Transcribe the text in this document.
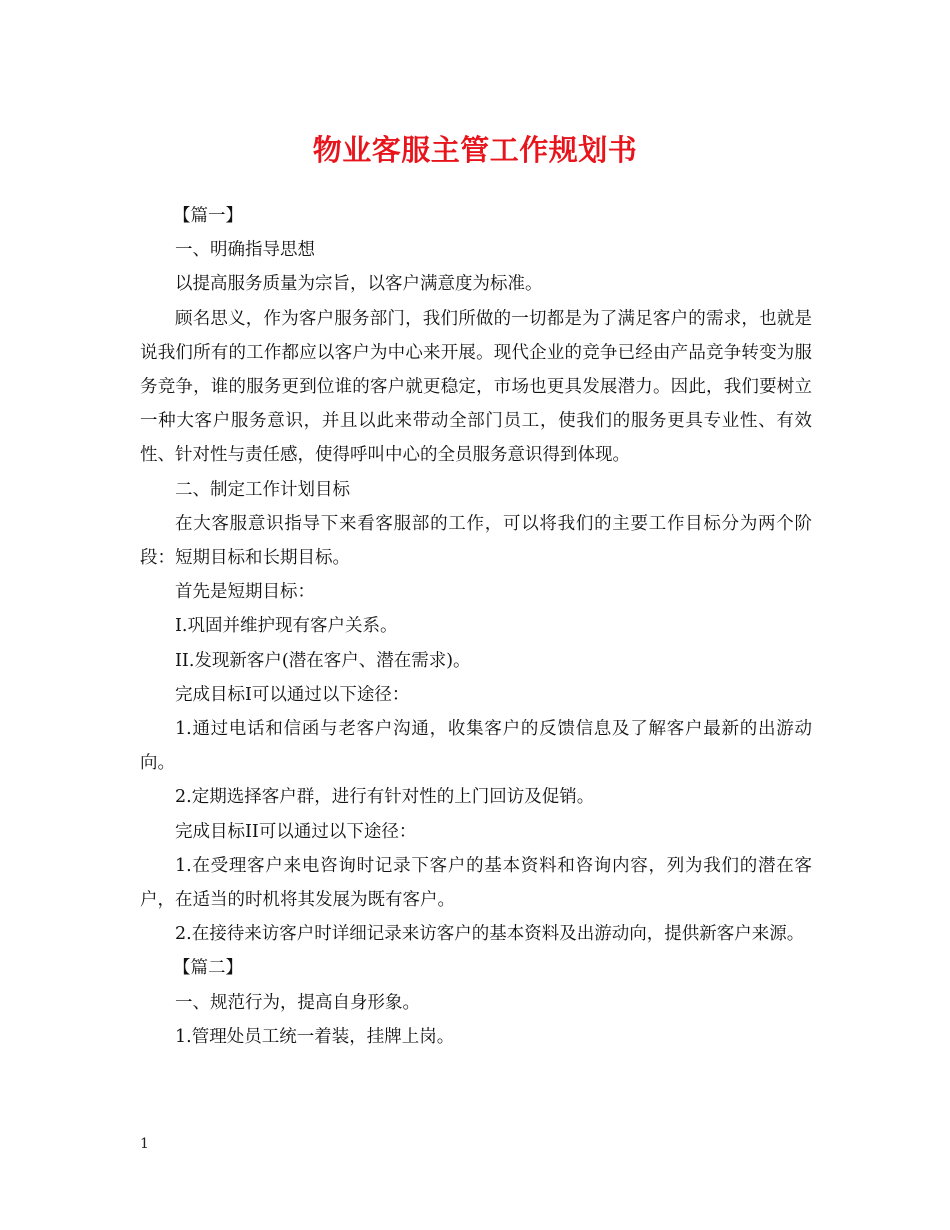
物业客服主管工作规划书

【篇一】

一、明确指导思想

以提高服务质量为宗旨，以客户满意度为标准。

顾名思义，作为客户服务部门，我们所做的一切都是为了满足客户的需求，也就是说我们所有的工作都应以客户为中心来开展。现代企业的竞争已经由产品竞争转变为服务竞争，谁的服务更到位谁的客户就更稳定，市场也更具发展潜力。因此，我们要树立一种大客户服务意识，并且以此来带动全部门员工，使我们的服务更具专业性、有效性、针对性与责任感，使得呼叫中心的全员服务意识得到体现。

二、制定工作计划目标

在大客服意识指导下来看客服部的工作，可以将我们的主要工作目标分为两个阶段：短期目标和长期目标。

首先是短期目标：

I.巩固并维护现有客户关系。

II.发现新客户(潜在客户、潜在需求)。

完成目标I可以通过以下途径：

1.通过电话和信函与老客户沟通，收集客户的反馈信息及了解客户最新的出游动向。

2.定期选择客户群，进行有针对性的上门回访及促销。

完成目标II可以通过以下途径：

1.在受理客户来电咨询时记录下客户的基本资料和咨询内容，列为我们的潜在客户，在适当的时机将其发展为既有客户。

2.在接待来访客户时详细记录来访客户的基本资料及出游动向，提供新客户来源。

【篇二】

一、规范行为，提高自身形象。

1.管理处员工统一着装，挂牌上岗。

1
